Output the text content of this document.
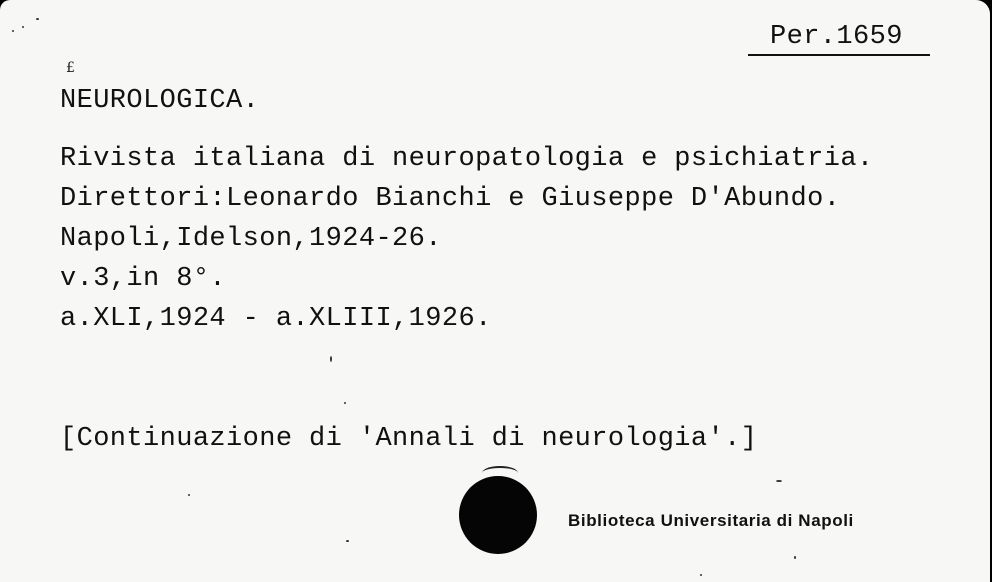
Per.1659
£
NEUROLOGICA.
Rivista italiana di neuropatologia e psichiatria.
Direttori:Leonardo Bianchi e Giuseppe D'Abundo.
Napoli,Idelson,1924-26.
v.3,in 8°.
a.XLI,1924 - a.XLIII,1926.
[Continuazione di 'Annali di neurologia'.]
Biblioteca Universitaria di Napoli
